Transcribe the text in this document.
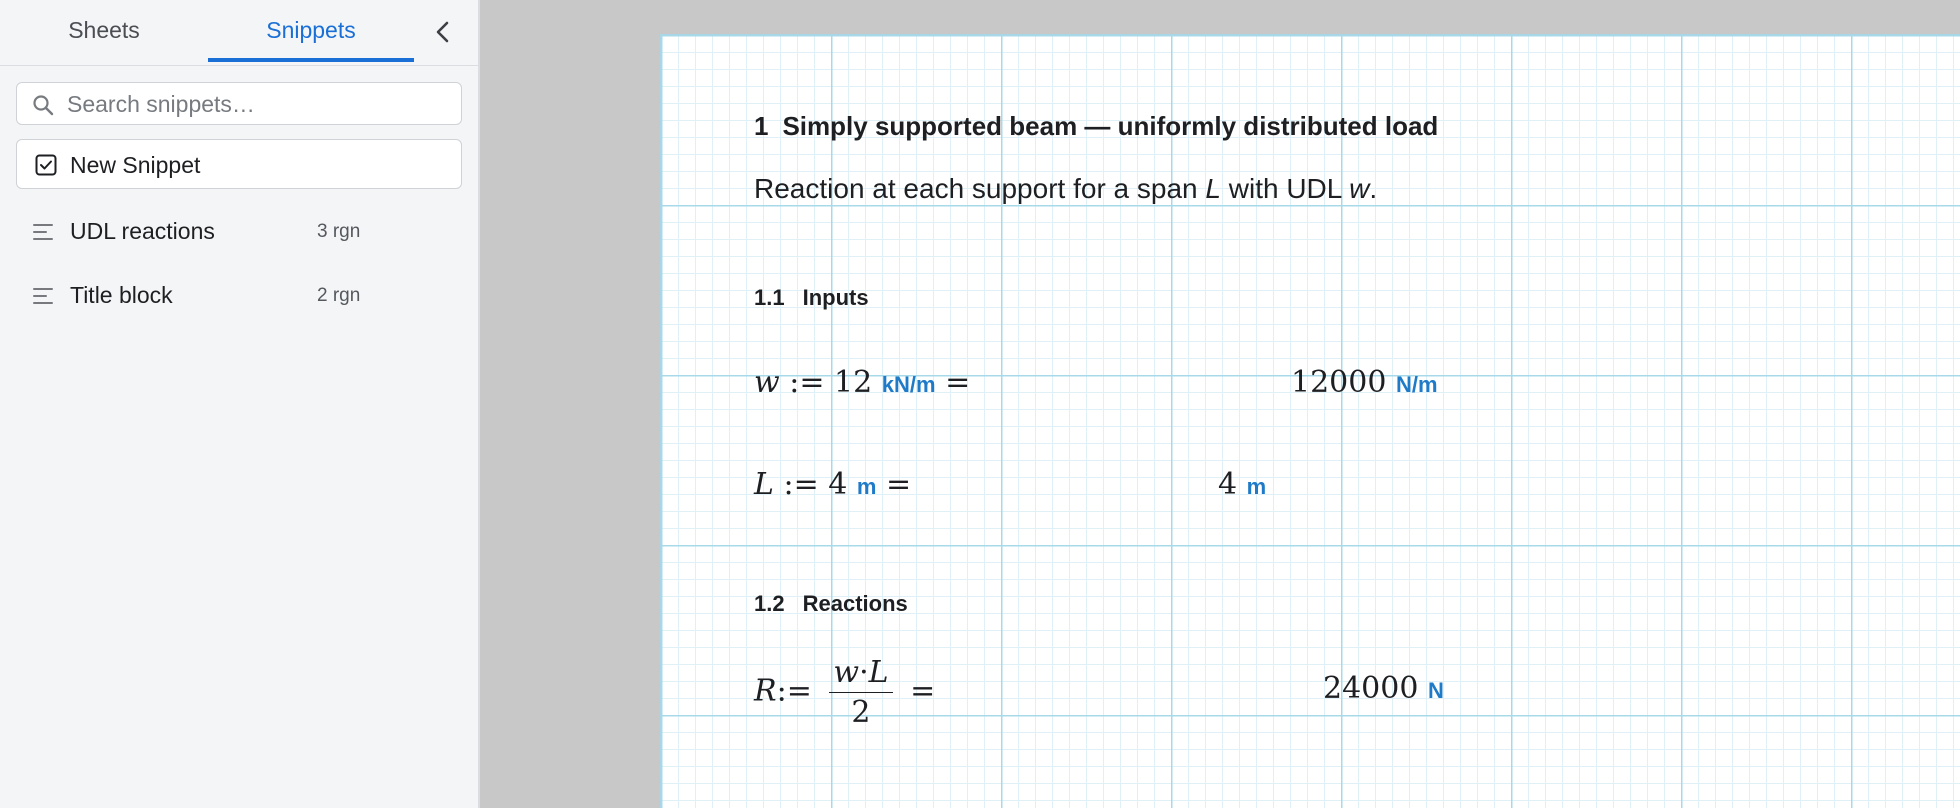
Sheets	Snippets
Search snippets…
New Snippet
UDL reactions	3 rgn
Title block	2 rgn
1 Simply supported beam — uniformly distributed load
Reaction at each support for a span L with UDL w.
1.1 Inputs
w := 12 kN/m =	12000 N/m
L := 4 m =	4 m
1.2 Reactions
R:= $\frac{w\cdot L}{2}$ =	24000 N
